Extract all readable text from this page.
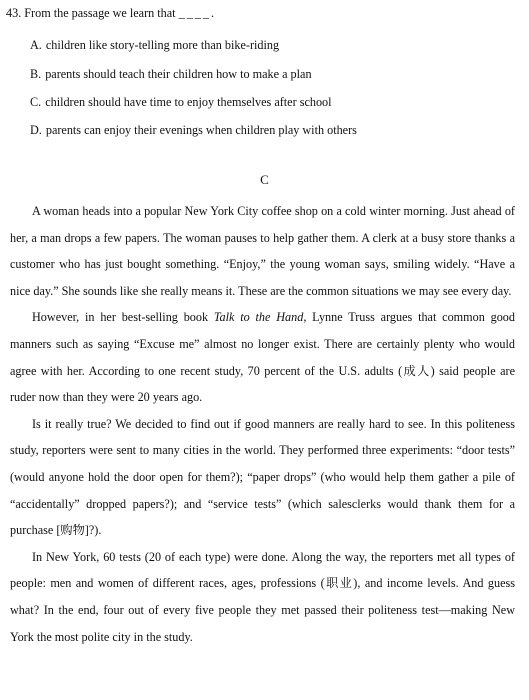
43. From the passage we learn that ____.
A. children like story-telling more than bike-riding
B. parents should teach their children how to make a plan
C. children should have time to enjoy themselves after school
D. parents can enjoy their evenings when children play with others
C

A woman heads into a popular New York City coffee shop on a cold winter morning. Just ahead of her, a man drops a few papers. The woman pauses to help gather them. A clerk at a busy store thanks a customer who has just bought something. “Enjoy,” the young woman says, smiling widely. “Have a nice day.” She sounds like she really means it. These are the common situations we may see every day.

However, in her best-selling book Talk to the Hand, Lynne Truss argues that common good manners such as saying “Excuse me” almost no longer exist. There are certainly plenty who would agree with her. According to one recent study, 70 percent of the U.S. adults (成人) said people are ruder now than they were 20 years ago.

Is it really true? We decided to find out if good manners are really hard to see. In this politeness study, reporters were sent to many cities in the world. They performed three experiments: “door tests” (would anyone hold the door open for them?); “paper drops” (who would help them gather a pile of “accidentally” dropped papers?); and “service tests” (which salesclerks would thank them for a purchase [购物]?).

In New York, 60 tests (20 of each type) were done. Along the way, the reporters met all types of people: men and women of different races, ages, professions (职业), and income levels. And guess what? In the end, four out of every five people they met passed their politeness test—making New York the most polite city in the study.
